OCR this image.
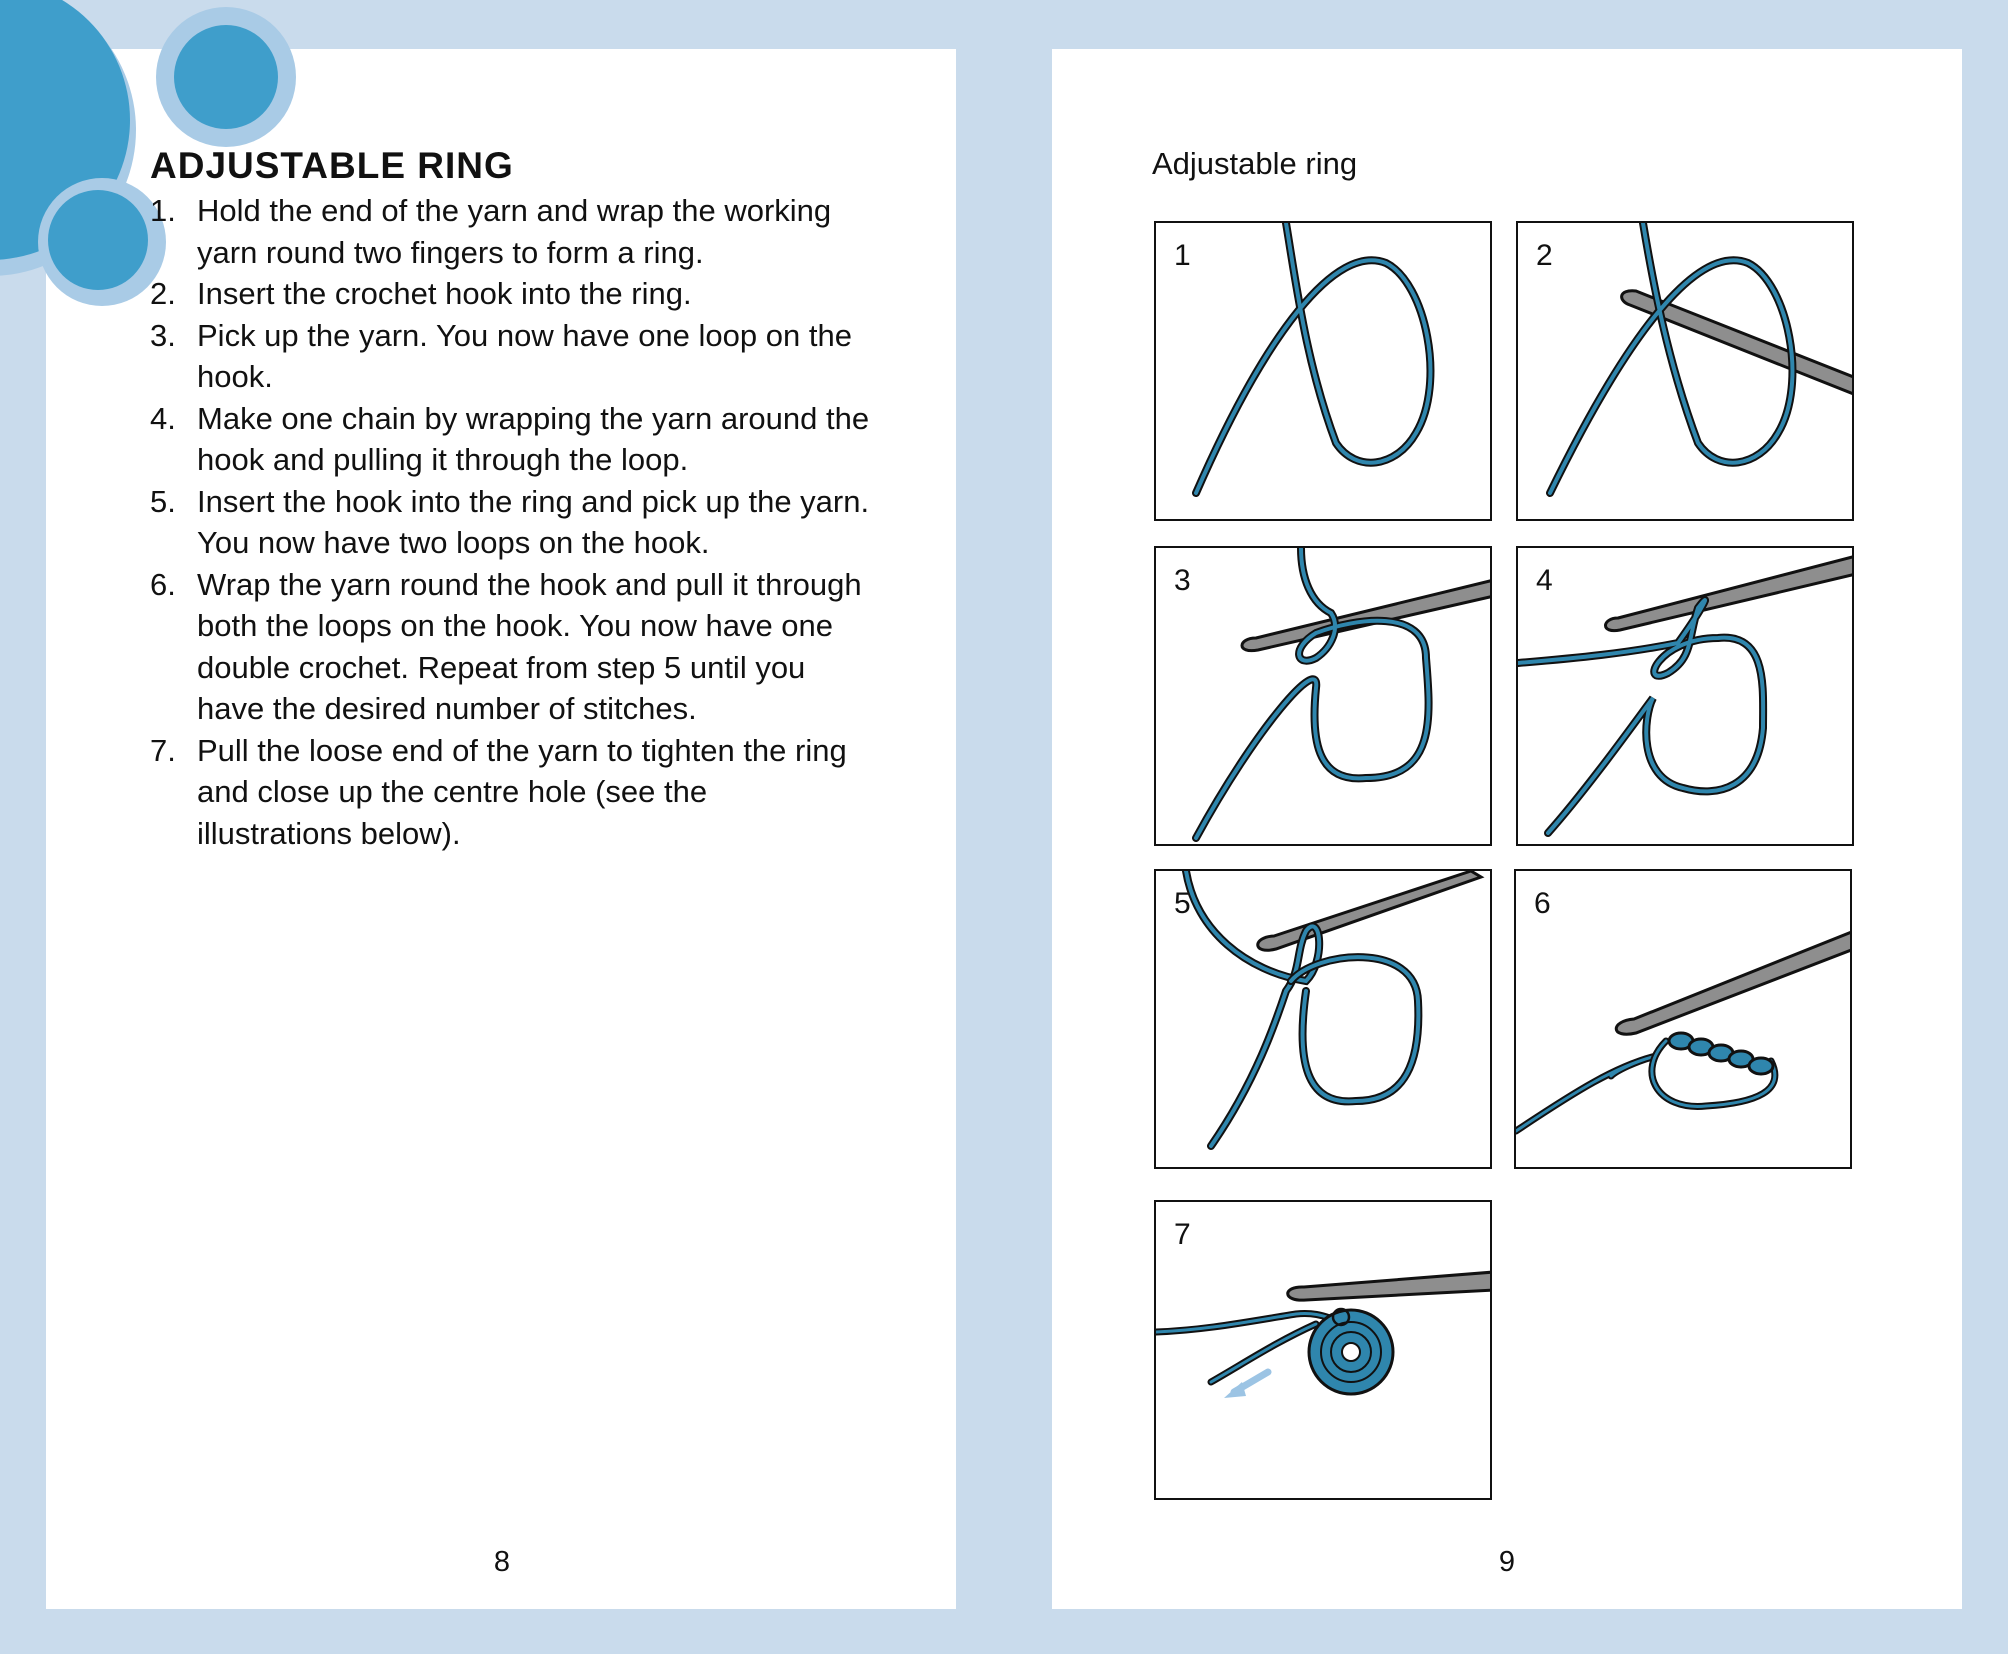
ADJUSTABLE RING
1. Hold the end of the yarn and wrap the working yarn round two fingers to form a ring.
2. Insert the crochet hook into the ring.
3. Pick up the yarn. You now have one loop on the hook.
4. Make one chain by wrapping the yarn around the hook and pulling it through the loop.
5. Insert the hook into the ring and pick up the yarn. You now have two loops on the hook.
6. Wrap the yarn round the hook and pull it through both the loops on the hook. You now have one double crochet. Repeat from step 5 until you have the desired number of stitches.
7. Pull the loose end of the yarn to tighten the ring and close up the centre hole (see the illustrations below).
8

Adjustable ring

1	2
3	4
5	6
7
9
